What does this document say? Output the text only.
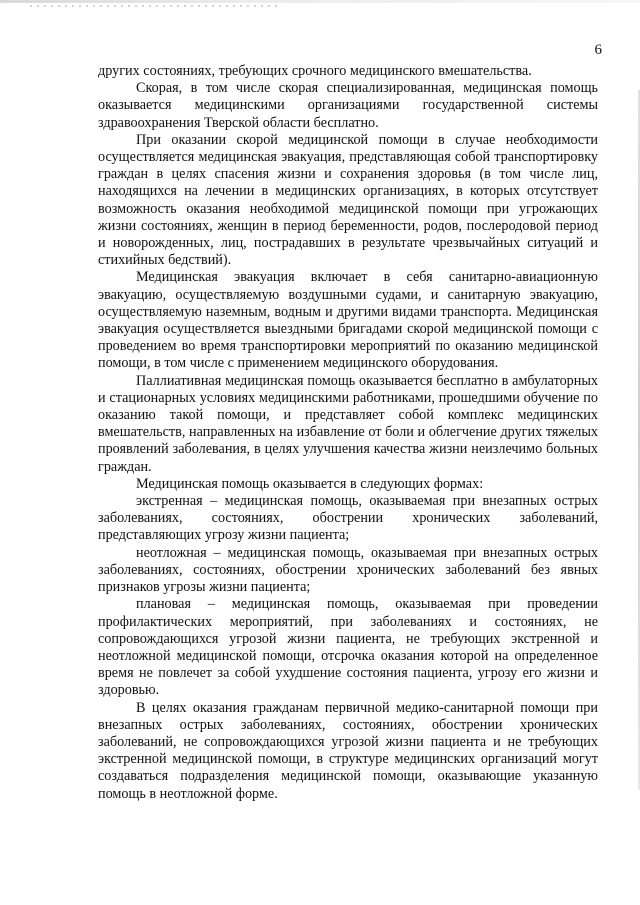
6

других состояниях, требующих срочного медицинского вмешательства.

Скорая, в том числе скорая специализированная, медицинская помощь оказывается медицинскими организациями государственной системы здравоохранения Тверской области бесплатно.

При оказании скорой медицинской помощи в случае необходимости осуществляется медицинская эвакуация, представляющая собой транспортировку граждан в целях спасения жизни и сохранения здоровья (в том числе лиц, находящихся на лечении в медицинских организациях, в которых отсутствует возможность оказания необходимой медицинской помощи при угрожающих жизни состояниях, женщин в период беременности, родов, послеродовой период и новорожденных, лиц, пострадавших в результате чрезвычайных ситуаций и стихийных бедствий).

Медицинская эвакуация включает в себя санитарно-авиационную эвакуацию, осуществляемую воздушными судами, и санитарную эвакуацию, осуществляемую наземным, водным и другими видами транспорта. Медицинская эвакуация осуществляется выездными бригадами скорой медицинской помощи с проведением во время транспортировки мероприятий по оказанию медицинской помощи, в том числе с применением медицинского оборудования.

Паллиативная медицинская помощь оказывается бесплатно в амбулаторных и стационарных условиях медицинскими работниками, прошедшими обучение по оказанию такой помощи, и представляет собой комплекс медицинских вмешательств, направленных на избавление от боли и облегчение других тяжелых проявлений заболевания, в целях улучшения качества жизни неизлечимо больных граждан.

Медицинская помощь оказывается в следующих формах:

экстренная – медицинская помощь, оказываемая при внезапных острых заболеваниях, состояниях, обострении хронических заболеваний, представляющих угрозу жизни пациента;

неотложная – медицинская помощь, оказываемая при внезапных острых заболеваниях, состояниях, обострении хронических заболеваний без явных признаков угрозы жизни пациента;

плановая – медицинская помощь, оказываемая при проведении профилактических мероприятий, при заболеваниях и состояниях, не сопровождающихся угрозой жизни пациента, не требующих экстренной и неотложной медицинской помощи, отсрочка оказания которой на определенное время не повлечет за собой ухудшение состояния пациента, угрозу его жизни и здоровью.

В целях оказания гражданам первичной медико-санитарной помощи при внезапных острых заболеваниях, состояниях, обострении хронических заболеваний, не сопровождающихся угрозой жизни пациента и не требующих экстренной медицинской помощи, в структуре медицинских организаций могут создаваться подразделения медицинской помощи, оказывающие указанную помощь в неотложной форме.
